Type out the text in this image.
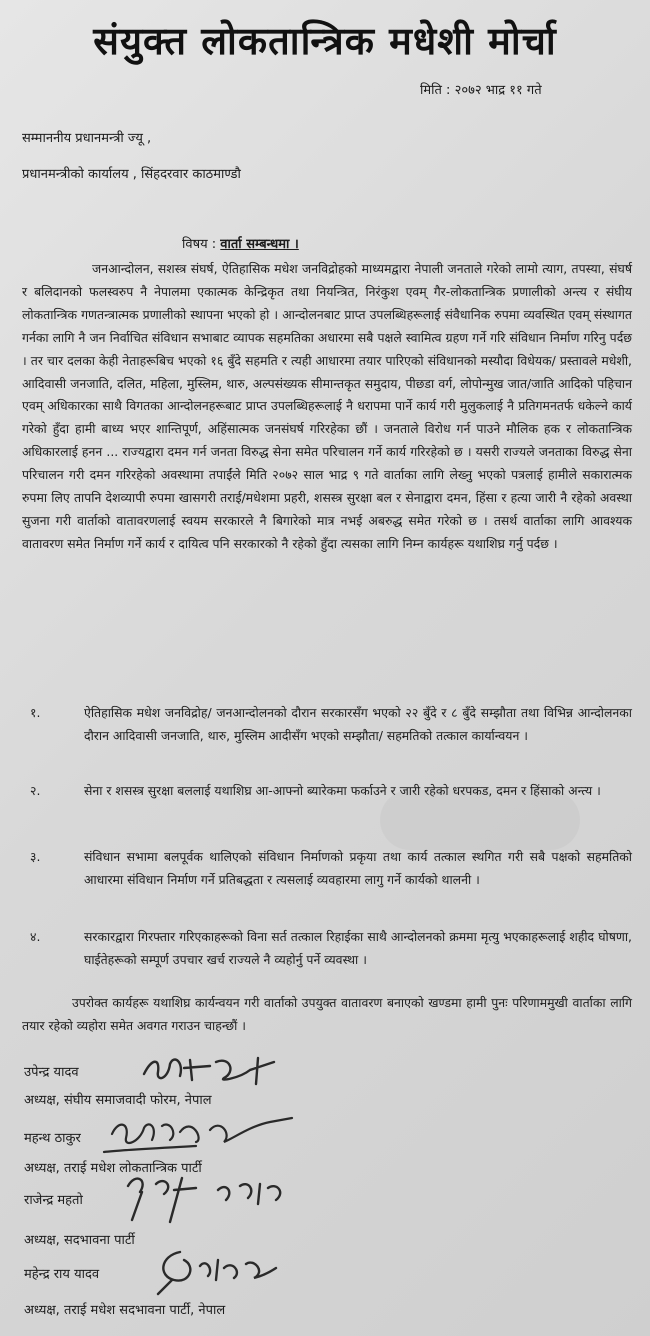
संयुक्त लोकतान्त्रिक मधेशी मोर्चा
मिति : २०७२ भाद्र ११ गते
सम्माननीय प्रधानमन्त्री ज्यू ,
प्रधानमन्त्रीको कार्यालय , सिंहदरवार काठमाण्डौ
विषय : वार्ता सम्बन्धमा ।
जनआन्दोलन, सशस्त्र संघर्ष, ऐतिहासिक मधेश जनविद्रोहको माध्यमद्वारा नेपाली जनताले गरेको लामो त्याग, तपस्या, संघर्ष र बलिदानको फलस्वरुप नै नेपालमा एकात्मक केन्द्रिकृत तथा नियन्त्रित, निरंकुश एवम् गैर-लोकतान्त्रिक प्रणालीको अन्त्य र संघीय लोकतान्त्रिक गणतन्त्रात्मक प्रणालीको स्थापना भएको हो । आन्दोलनबाट प्राप्त उपलब्धिहरूलाई संवैधानिक रुपमा व्यवस्थित एवम् संस्थागत गर्नका लागि नै जन निर्वाचित संविधान सभाबाट व्यापक सहमतिका अधारमा सबै पक्षले स्वामित्व ग्रहण गर्ने गरि संविधान निर्माण गरिनु पर्दछ । तर चार दलका केही नेताहरूबिच भएको १६ बुँदे सहमति र त्यही आधारमा तयार पारिएको संविधानको मस्यौदा विधेयक/ प्रस्तावले मधेशी, आदिवासी जनजाति, दलित, महिला, मुस्लिम, थारु, अल्पसंख्यक सीमान्तकृत समुदाय, पीछडा वर्ग, लोपोन्मुख जात/जाति आदिको पहिचान एवम् अधिकारका साथै विगतका आन्दोलनहरूबाट प्राप्त उपलब्धिहरूलाई नै धरापमा पार्ने कार्य गरी मुलुकलाई नै प्रतिगमनतर्फ धकेल्ने कार्य गरेको हुँदा हामी बाध्य भएर शान्तिपूर्ण, अहिंसात्मक जनसंघर्ष गरिरहेका छौं । जनताले विरोध गर्न पाउने मौलिक हक र लोकतान्त्रिक अधिकारलाई हनन ... राज्यद्वारा दमन गर्न जनता विरुद्ध सेना समेत परिचालन गर्ने कार्य गरिरहेको छ । यसरी राज्यले जनताका विरुद्ध सेना परिचालन गरी दमन गरिरहेको अवस्थामा तपाईंले मिति २०७२ साल भाद्र ९ गते वार्ताका लागि लेख्नु भएको पत्रलाई हामीले सकारात्मक रुपमा लिए तापनि देशव्यापी रुपमा खासगरी तराई/मधेशमा प्रहरी, शसस्त्र सुरक्षा बल र सेनाद्वारा दमन, हिंसा र हत्या जारी नै रहेको अवस्था सुजना गरी वार्ताको वातावरणलाई स्वयम सरकारले नै बिगारेको मात्र नभई अबरुद्ध समेत गरेको छ । तसर्थ वार्ताका लागि आवश्यक वातावरण समेत निर्माण गर्ने कार्य र दायित्व पनि सरकारको नै रहेको हुँदा त्यसका लागि निम्न कार्यहरू यथाशिघ्र गर्नु पर्दछ ।
१.	ऐतिहासिक मधेश जनविद्रोह/ जनआन्दोलनको दौरान सरकारसँग भएको २२ बुँदे र ८ बुँदे सम्झौता तथा विभिन्न आन्दोलनका दौरान आदिवासी जनजाति, थारु, मुस्लिम आदीसँग भएको सम्झौता/ सहमतिको तत्काल कार्यान्वयन ।
२.	सेना र शसस्त्र सुरक्षा बललाई यथाशिघ्र आ-आफ्नो ब्यारेकमा फर्काउने र जारी रहेको धरपकड, दमन र हिंसाको अन्त्य ।
३.	संविधान सभामा बलपूर्वक थालिएको संविधान निर्माणको प्रकृया तथा कार्य तत्काल स्थगित गरी सबै पक्षको सहमतिको आधारमा संविधान निर्माण गर्ने प्रतिबद्धता र त्यसलाई व्यवहारमा लागु गर्ने कार्यको थालनी ।
४.	सरकारद्वारा गिरफ्तार गरिएकाहरूको विना सर्त तत्काल रिहाईका साथै आन्दोलनको क्रममा मृत्यु भएकाहरूलाई शहीद घोषणा, घाईतेहरूको सम्पूर्ण उपचार खर्च राज्यले नै व्यहोर्नु पर्ने व्यवस्था ।
उपरोक्त कार्यहरू यथाशिघ्र कार्यन्वयन गरी वार्ताको उपयुक्त वातावरण बनाएको खण्डमा हामी पुनः परिणाममुखी वार्ताका लागि तयार रहेको व्यहोरा समेत अवगत गराउन चाहन्छौं ।
उपेन्द्र यादव
अध्यक्ष, संघीय समाजवादी फोरम, नेपाल
महन्थ ठाकुर
अध्यक्ष, तराई मधेश लोकतान्त्रिक पार्टी
राजेन्द्र महतो
अध्यक्ष, सदभावना पार्टी
महेन्द्र राय यादव
अध्यक्ष, तराई मधेश सदभावना पार्टी, नेपाल
